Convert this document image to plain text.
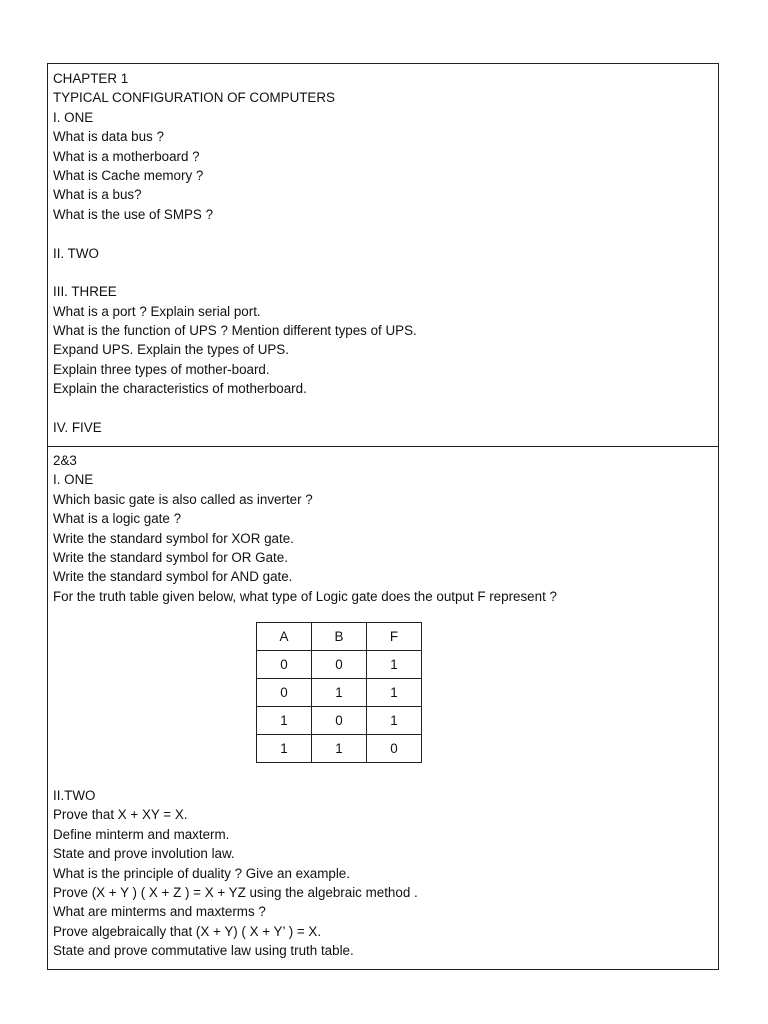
CHAPTER 1
TYPICAL CONFIGURATION OF COMPUTERS
I. ONE
What is data bus ?
What is a motherboard ?
What is Cache memory ?
What is a bus?
What is the use of SMPS ?
II. TWO
III. THREE
What is a port ? Explain serial port.
What is the function of UPS ? Mention different types of UPS.
Expand UPS. Explain the types of UPS.
Explain three types of mother-board.
Explain the characteristics of motherboard.
IV. FIVE
2&3
I. ONE
Which basic gate is also called as inverter ?
What is a logic gate ?
Write the standard symbol for XOR gate.
Write the standard symbol for OR Gate.
Write the standard symbol for AND gate.
For the truth table given below, what type of Logic gate does the output F represent ?
A	B	F
0	0	1
0	1	1
1	0	1
1	1	0
II.TWO
Prove that X + XY = X.
Define minterm and maxterm.
State and prove involution law.
What is the principle of duality ? Give an example.
Prove (X + Y ) ( X + Z ) = X + YZ using the algebraic method .
What are minterms and maxterms ?
Prove algebraically that (X + Y) ( X + Y’ ) = X.
State and prove commutative law using truth table.
